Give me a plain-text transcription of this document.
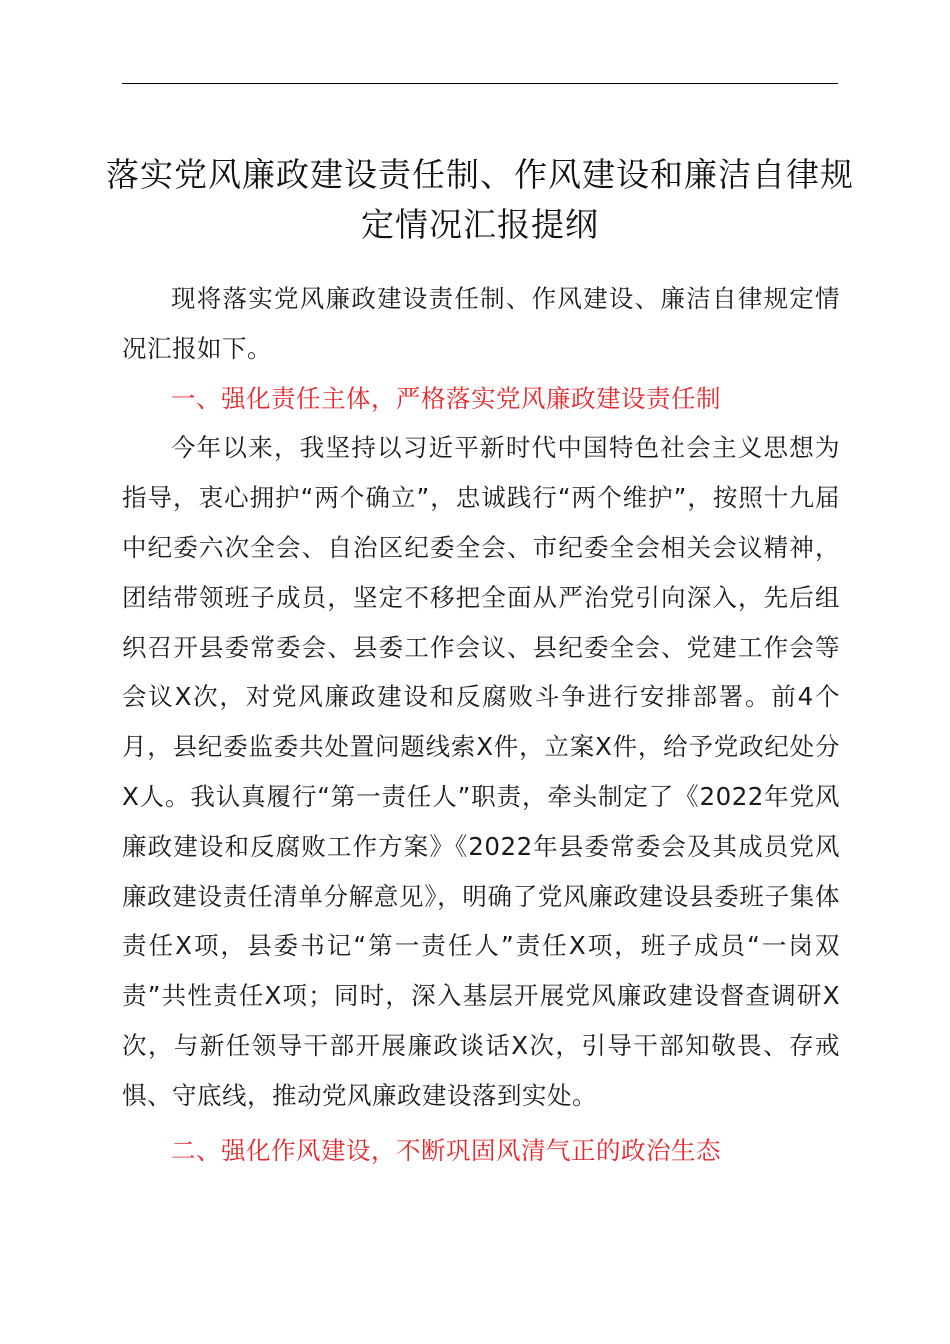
落实党风廉政建设责任制、作风建设和廉洁自律规定情况汇报提纲

现将落实党风廉政建设责任制、作风建设、廉洁自律规定情况汇报如下。

一、强化责任主体，严格落实党风廉政建设责任制

今年以来，我坚持以习近平新时代中国特色社会主义思想为指导，衷心拥护“两个确立”，忠诚践行“两个维护”，按照十九届中纪委六次全会、自治区纪委全会、市纪委全会相关会议精神，团结带领班子成员，坚定不移把全面从严治党引向深入，先后组织召开县委常委会、县委工作会议、县纪委全会、党建工作会等会议X次，对党风廉政建设和反腐败斗争进行安排部署。前4个月，县纪委监委共处置问题线索X件，立案X件，给予党政纪处分X人。我认真履行“第一责任人”职责，牵头制定了《2022年党风廉政建设和反腐败工作方案》《2022年县委常委会及其成员党风廉政建设责任清单分解意见》，明确了党风廉政建设县委班子集体责任X项，县委书记“第一责任人”责任X项，班子成员“一岗双责”共性责任X项；同时，深入基层开展党风廉政建设督查调研X次，与新任领导干部开展廉政谈话X次，引导干部知敬畏、存戒惧、守底线，推动党风廉政建设落到实处。

二、强化作风建设，不断巩固风清气正的政治生态
